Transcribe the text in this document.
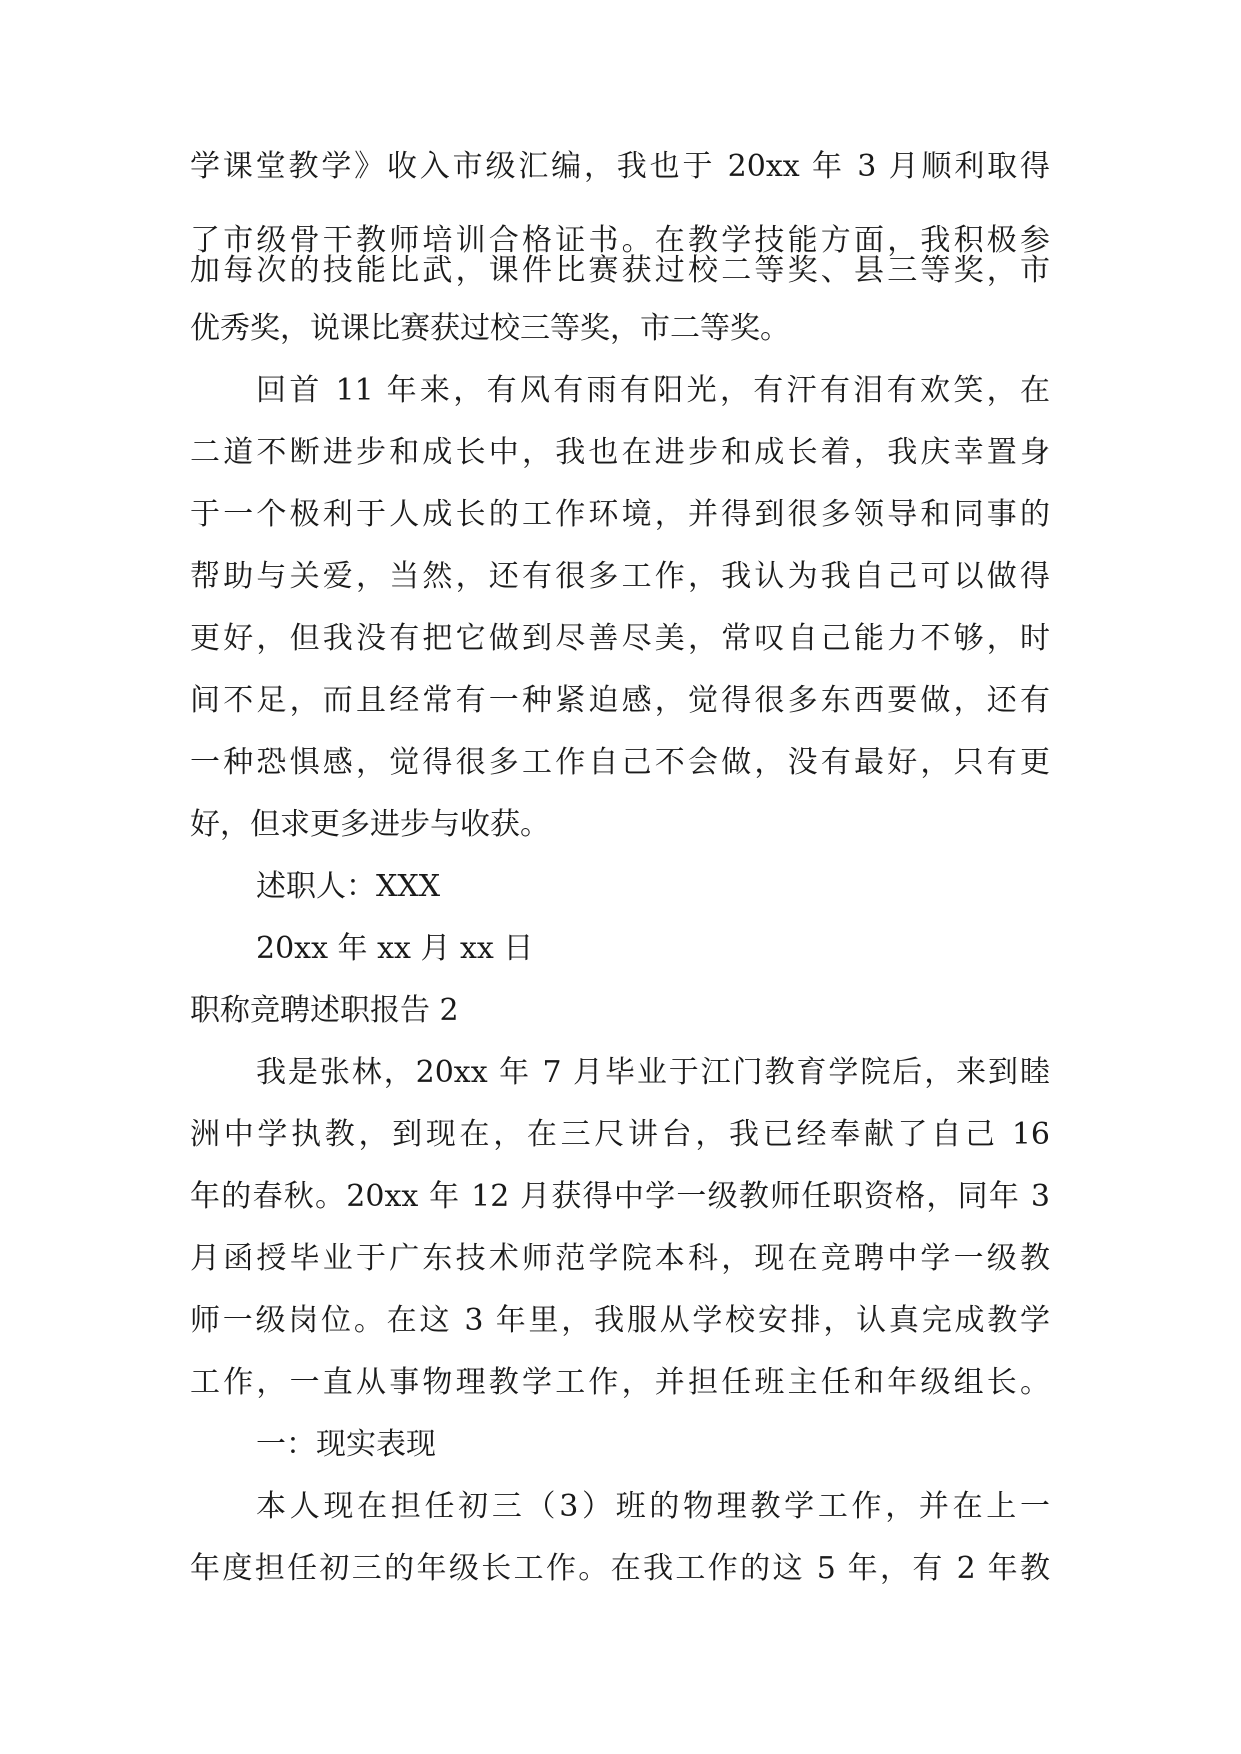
学课堂教学》收入市级汇编，我也于 20xx 年 3 月顺利取得
了市级骨干教师培训合格证书。在教学技能方面，我积极参
加每次的技能比武，课件比赛获过校二等奖、县三等奖，市
优秀奖，说课比赛获过校三等奖，市二等奖。
回首 11 年来，有风有雨有阳光，有汗有泪有欢笑，在
二道不断进步和成长中，我也在进步和成长着，我庆幸置身
于一个极利于人成长的工作环境，并得到很多领导和同事的
帮助与关爱，当然，还有很多工作，我认为我自己可以做得
更好，但我没有把它做到尽善尽美，常叹自己能力不够，时
间不足，而且经常有一种紧迫感，觉得很多东西要做，还有
一种恐惧感，觉得很多工作自己不会做，没有最好，只有更
好，但求更多进步与收获。
述职人：XXX
20xx 年 xx 月 xx 日
职称竞聘述职报告 2
我是张林，20xx 年 7 月毕业于江门教育学院后，来到睦
洲中学执教，到现在，在三尺讲台，我已经奉献了自己 16
年的春秋。20xx 年 12 月获得中学一级教师任职资格，同年 3
月函授毕业于广东技术师范学院本科，现在竞聘中学一级教
师一级岗位。在这 3 年里，我服从学校安排，认真完成教学
工作，一直从事物理教学工作，并担任班主任和年级组长。
一：现实表现
本人现在担任初三（3）班的物理教学工作，并在上一
年度担任初三的年级长工作。在我工作的这 5 年，有 2 年教
